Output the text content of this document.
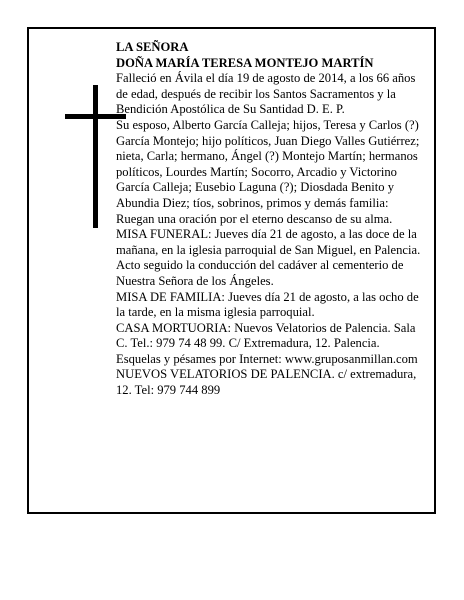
LA SEÑORA

DOÑA MARÍA TERESA MONTEJO MARTÍN

Falleció en Ávila el día 19 de agosto de 2014, a los 66 años de edad, después de recibir los Santos Sacramentos y la Bendición Apostólica de Su Santidad D. E. P.

Su esposo, Alberto García Calleja; hijos, Teresa y Carlos (?) García Montejo; hijo políticos, Juan Diego Valles Gutiérrez; nieta, Carla; hermano, Ángel (?) Montejo Martín; hermanos políticos, Lourdes Martín; Socorro, Arcadio y Victorino García Calleja; Eusebio Laguna (?); Diosdada Benito y Abundia Diez; tíos, sobrinos, primos y demás familia:

Ruegan una oración por el eterno descanso de su alma.

MISA FUNERAL: Jueves día 21 de agosto, a las doce de la mañana, en la iglesia parroquial de San Miguel, en Palencia. Acto seguido la conducción del cadáver al cementerio de Nuestra Señora de los Ángeles.

MISA DE FAMILIA: Jueves día 21 de agosto, a las ocho de la tarde, en la misma iglesia parroquial.

CASA MORTUORIA: Nuevos Velatorios de Palencia. Sala C. Tel.: 979 74 48 99. C/ Extremadura, 12. Palencia.

Esquelas y pésames por Internet: www.gruposanmillan.com

NUEVOS VELATORIOS DE PALENCIA. c/ extremadura, 12. Tel: 979 744 899
